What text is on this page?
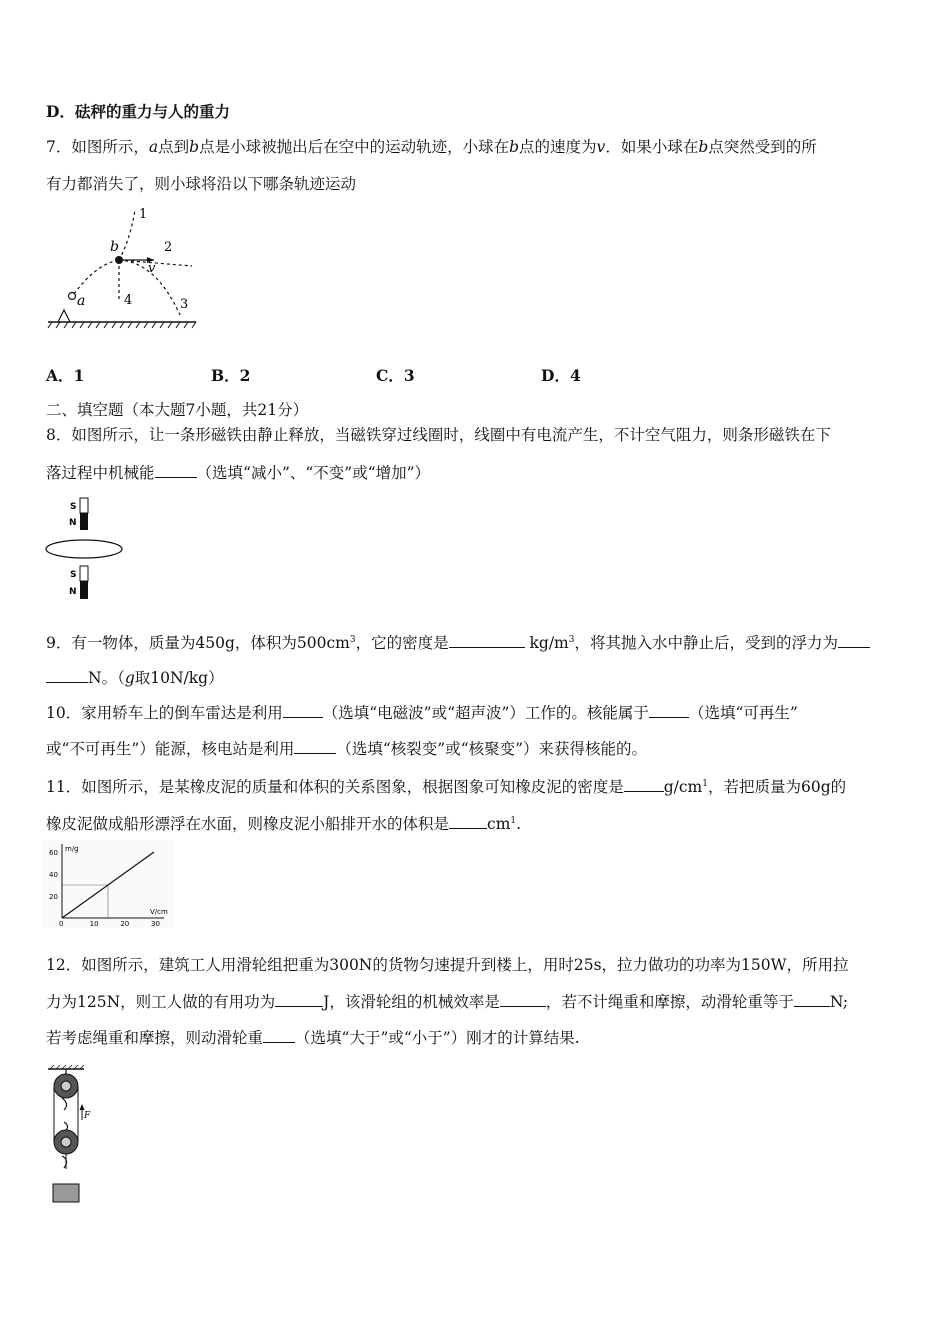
D．砝秤的重力与人的重力
7．如图所示，a点到b点是小球被抛出后在空中的运动轨迹，小球在b点的速度为v．如果小球在b点突然受到的所
有力都消失了，则小球将沿以下哪条轨迹运动
1
2
3
4
a
b
v
A．1	B．2	C．3	D．4
二、填空题（本大题7小题，共21分）
8．如图所示，让一条形磁铁由静止释放，当磁铁穿过线圈时，线圈中有电流产生，不计空气阻力，则条形磁铁在下
落过程中机械能	（选填“减小”、“不变”或“增加”）
S
N
S
N
9．有一物体，质量为450g，体积为$500cm^3$，它的密度是	$kg/m^3$，将其抛入水中静止后，受到的浮力为
N。（g取10N/kg）
10．家用轿车上的倒车雷达是利用	（选填“电磁波”或“超声波”）工作的。核能属于	（选填“可再生”
或“不可再生”）能源，核电站是利用	（选填“核裂变”或“核聚变”）来获得核能的。
11．如图所示，是某橡皮泥的质量和体积的关系图象，根据图象可知橡皮泥的密度是	$g/cm^1$，若把质量为60g的
橡皮泥做成船形漂浮在水面，则橡皮泥小船排开水的体积是 $cm^1$.
m/g
V/cm
0	10	20	30
20
40
60
12．如图所示，建筑工人用滑轮组把重为300N的货物匀速提升到楼上，用时25s，拉力做功的功率为150W，所用拉
力为125N，则工人做的有用功为	J，该滑轮组的机械效率是	，若不计绳重和摩擦，动滑轮重等于 N;
若考虑绳重和摩擦，则动滑轮重 （选填“大于”或“小于”）刚才的计算结果.
F
